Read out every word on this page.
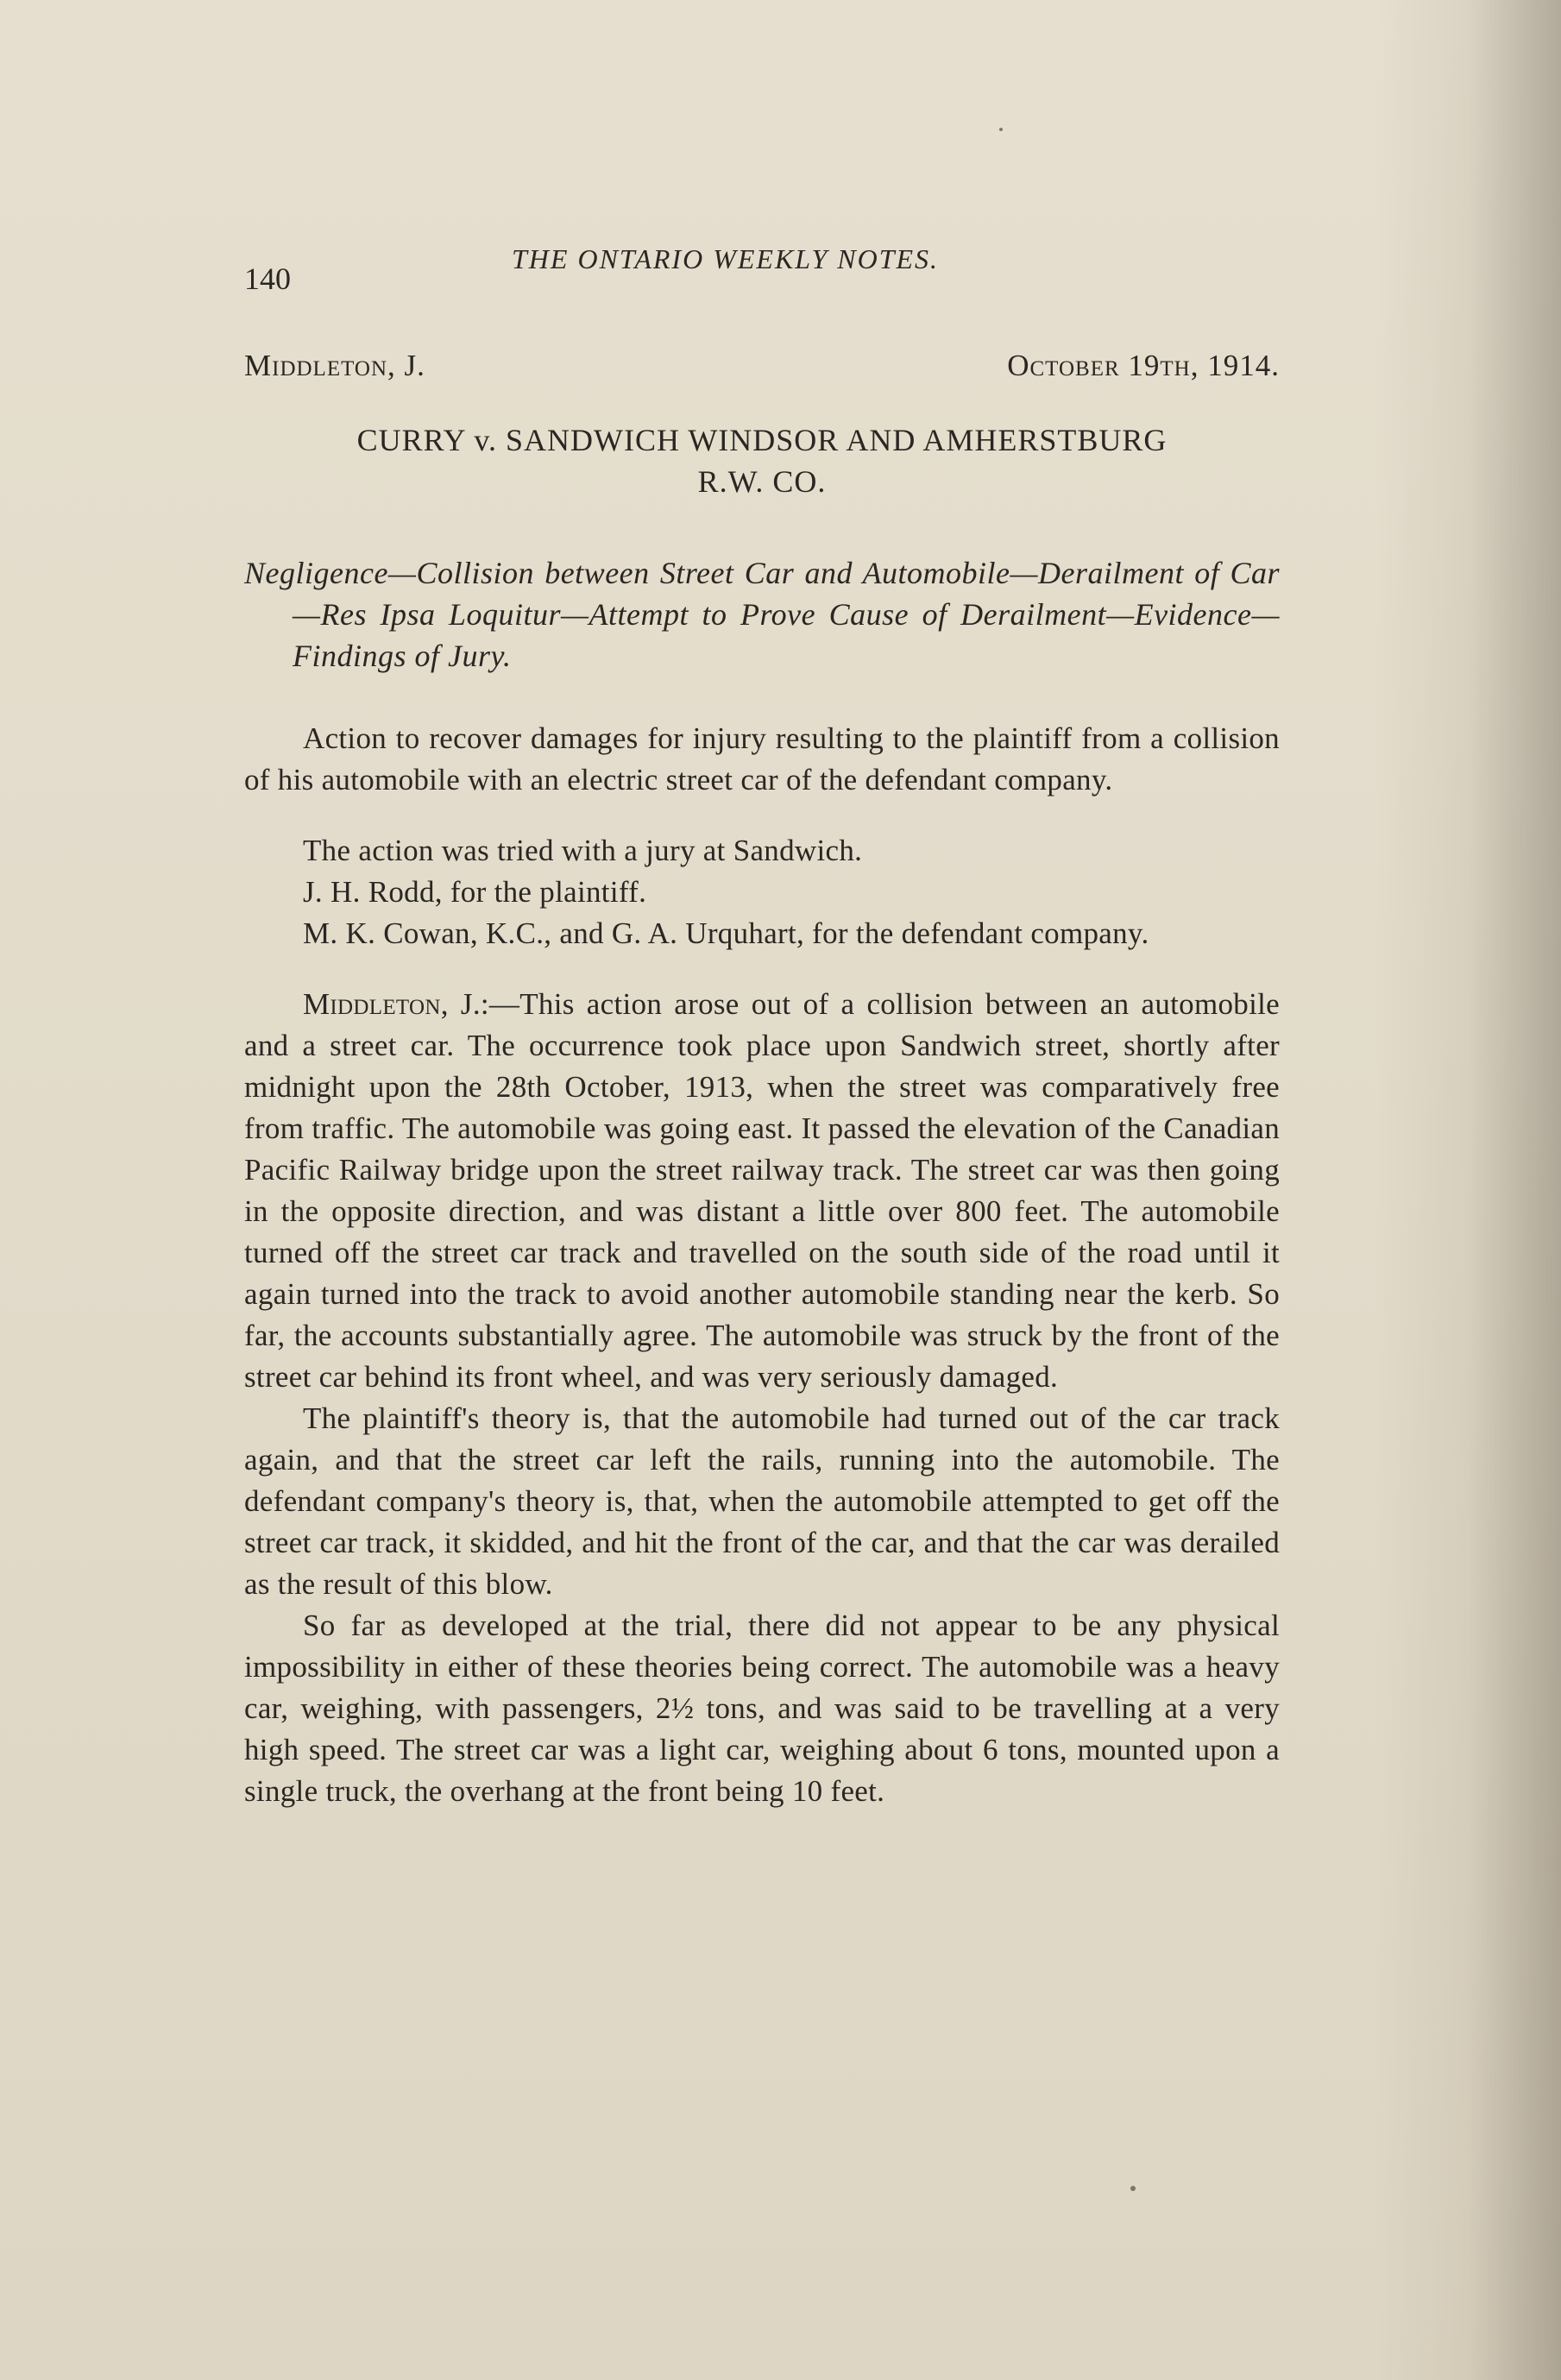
140
THE ONTARIO WEEKLY NOTES.
Middleton, J.	October 19th, 1914.
CURRY v. SANDWICH WINDSOR AND AMHERSTBURG
R.W. CO.

Negligence—Collision between Street Car and Automobile—Derailment of Car—Res Ipsa Loquitur—Attempt to Prove Cause of Derailment—Evidence—Findings of Jury.

Action to recover damages for injury resulting to the plaintiff from a collision of his automobile with an electric street car of the defendant company.

The action was tried with a jury at Sandwich.

J. H. Rodd, for the plaintiff.

M. K. Cowan, K.C., and G. A. Urquhart, for the defendant company.

Middleton, J.:—This action arose out of a collision between an automobile and a street car. The occurrence took place upon Sandwich street, shortly after midnight upon the 28th October, 1913, when the street was comparatively free from traffic. The automobile was going east. It passed the elevation of the Canadian Pacific Railway bridge upon the street railway track. The street car was then going in the opposite direction, and was distant a little over 800 feet. The automobile turned off the street car track and travelled on the south side of the road until it again turned into the track to avoid another automobile standing near the kerb. So far, the accounts substantially agree. The automobile was struck by the front of the street car behind its front wheel, and was very seriously damaged.

The plaintiff's theory is, that the automobile had turned out of the car track again, and that the street car left the rails, running into the automobile. The defendant company's theory is, that, when the automobile attempted to get off the street car track, it skidded, and hit the front of the car, and that the car was derailed as the result of this blow.

So far as developed at the trial, there did not appear to be any physical impossibility in either of these theories being correct. The automobile was a heavy car, weighing, with passengers, 2½ tons, and was said to be travelling at a very high speed. The street car was a light car, weighing about 6 tons, mounted upon a single truck, the overhang at the front being 10 feet.
